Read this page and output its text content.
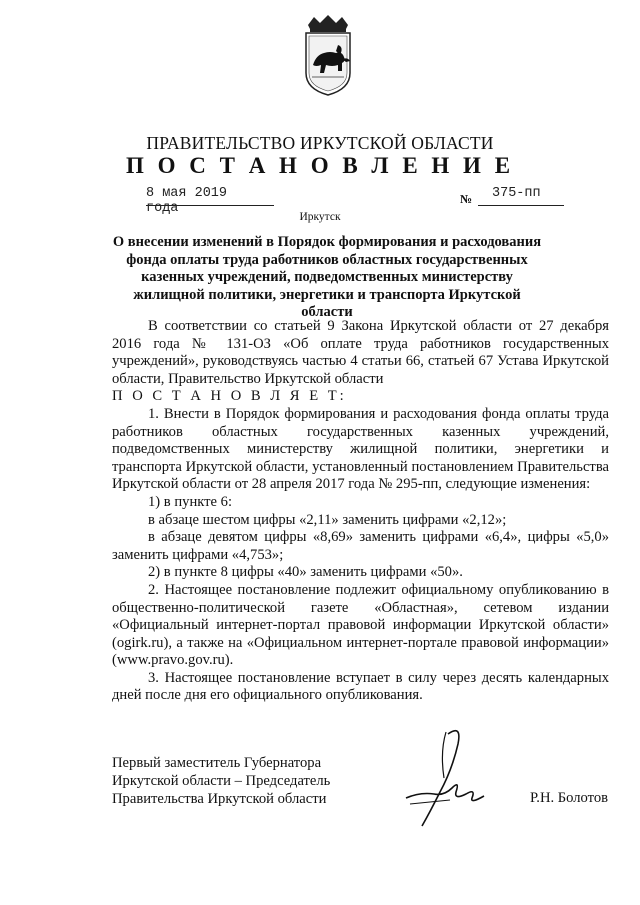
ПРАВИТЕЛЬСТВО ИРКУТСКОЙ ОБЛАСТИ
П О С Т А Н О В Л Е Н И Е
8 мая 2019 года
№ 375-пп
Иркутск
О внесении изменений в Порядок формирования и расходования фонда оплаты труда работников областных государственных казенных учреждений, подведомственных министерству жилищной политики, энергетики и транспорта Иркутской области

В соответствии со статьей 9 Закона Иркутской области от 27 декабря 2016 года № 131-ОЗ «Об оплате труда работников государственных учреждений», руководствуясь частью 4 статьи 66, статьей 67 Устава Иркутской области, Правительство Иркутской области

П О С Т А Н О В Л Я Е Т:

1. Внести в Порядок формирования и расходования фонда оплаты труда работников областных государственных казенных учреждений, подведомственных министерству жилищной политики, энергетики и транспорта Иркутской области, установленный постановлением Правительства Иркутской области от 28 апреля 2017 года № 295-пп, следующие изменения:

1) в пункте 6:

в абзаце шестом цифры «2,11» заменить цифрами «2,12»;

в абзаце девятом цифры «8,69» заменить цифрами «6,4», цифры «5,0» заменить цифрами «4,753»;

2) в пункте 8 цифры «40» заменить цифрами «50».

2. Настоящее постановление подлежит официальному опубликованию в общественно-политической газете «Областная», сетевом издании «Официальный интернет-портал правовой информации Иркутской области» (ogirk.ru), а также на «Официальном интернет-портале правовой информации» (www.pravo.gov.ru).

3. Настоящее постановление вступает в силу через десять календарных дней после дня его официального опубликования.

Первый заместитель Губернатора
Иркутской области – Председатель
Правительства Иркутской области	Р.Н. Болотов
